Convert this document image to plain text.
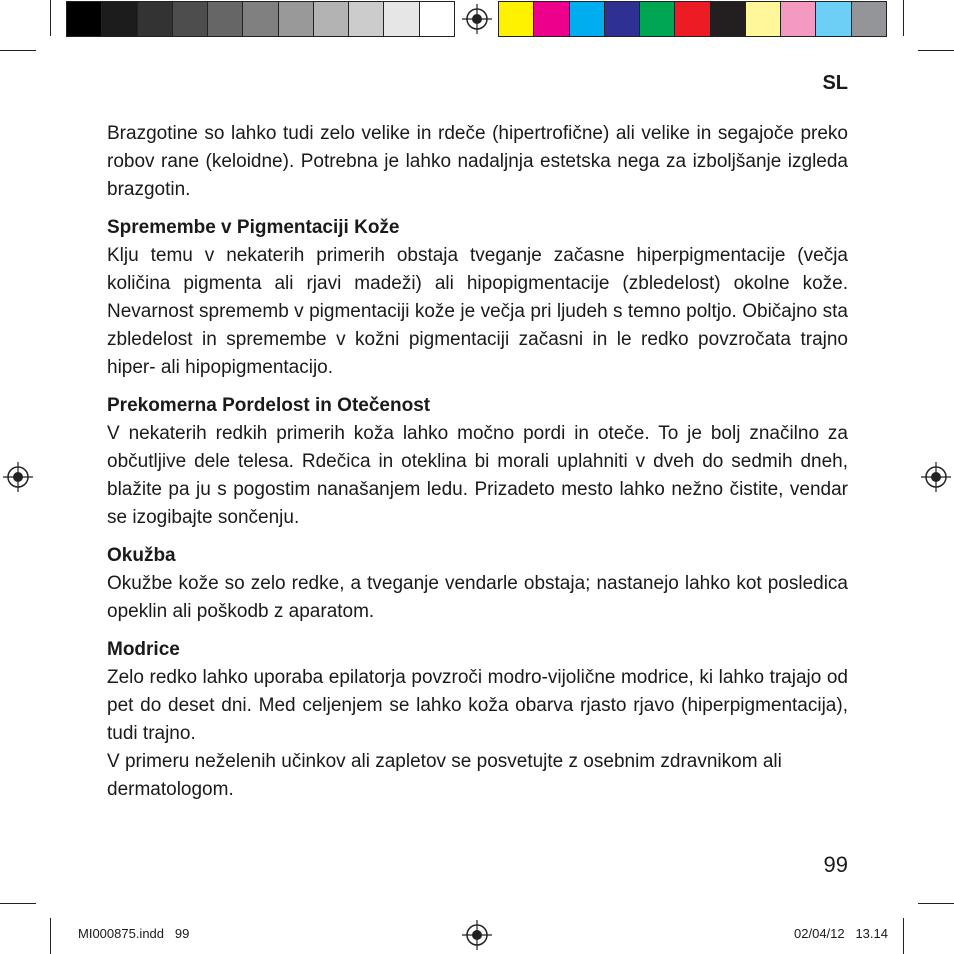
SL

Brazgotine so lahko tudi zelo velike in rdeče (hipertrofične) ali velike in segajoče preko robov rane (keloidne). Potrebna je lahko nadaljnja estetska nega za izboljšanje izgleda brazgotin.

Spremembe v Pigmentaciji Kože

Klju temu v nekaterih primerih obstaja tveganje začasne hiperpigmentacije (večja količina pigmenta ali rjavi madeži) ali hipopigmentacije (zbledelost) okolne kože. Nevarnost sprememb v pigmentaciji kože je večja pri ljudeh s temno poltjo. Običajno sta zbledelost in spremembe v kožni pigmentaciji začasni in le redko povzročata trajno hiper- ali hipopigmentacijo.

Prekomerna Pordelost in Otečenost

V nekaterih redkih primerih koža lahko močno pordi in oteče. To je bolj značilno za občutljive dele telesa. Rdečica in oteklina bi morali uplahniti v dveh do sedmih dneh, blažite pa ju s pogostim nanašanjem ledu. Prizadeto mesto lahko nežno čistite, vendar se izogibajte sončenju.

Okužba

Okužbe kože so zelo redke, a tveganje vendarle obstaja; nastanejo lahko kot posledica opeklin ali poškodb z aparatom.

Modrice

Zelo redko lahko uporaba epilatorja povzroči modro-vijolične modrice, ki lahko trajajo od pet do deset dni. Med celjenjem se lahko koža obarva rjasto rjavo (hiperpigmentacija), tudi trajno.

V primeru neželenih učinkov ali zapletov se posvetujte z osebnim zdravnikom ali dermatologom.

99
MI000875.indd   99	02/04/12   13.14
